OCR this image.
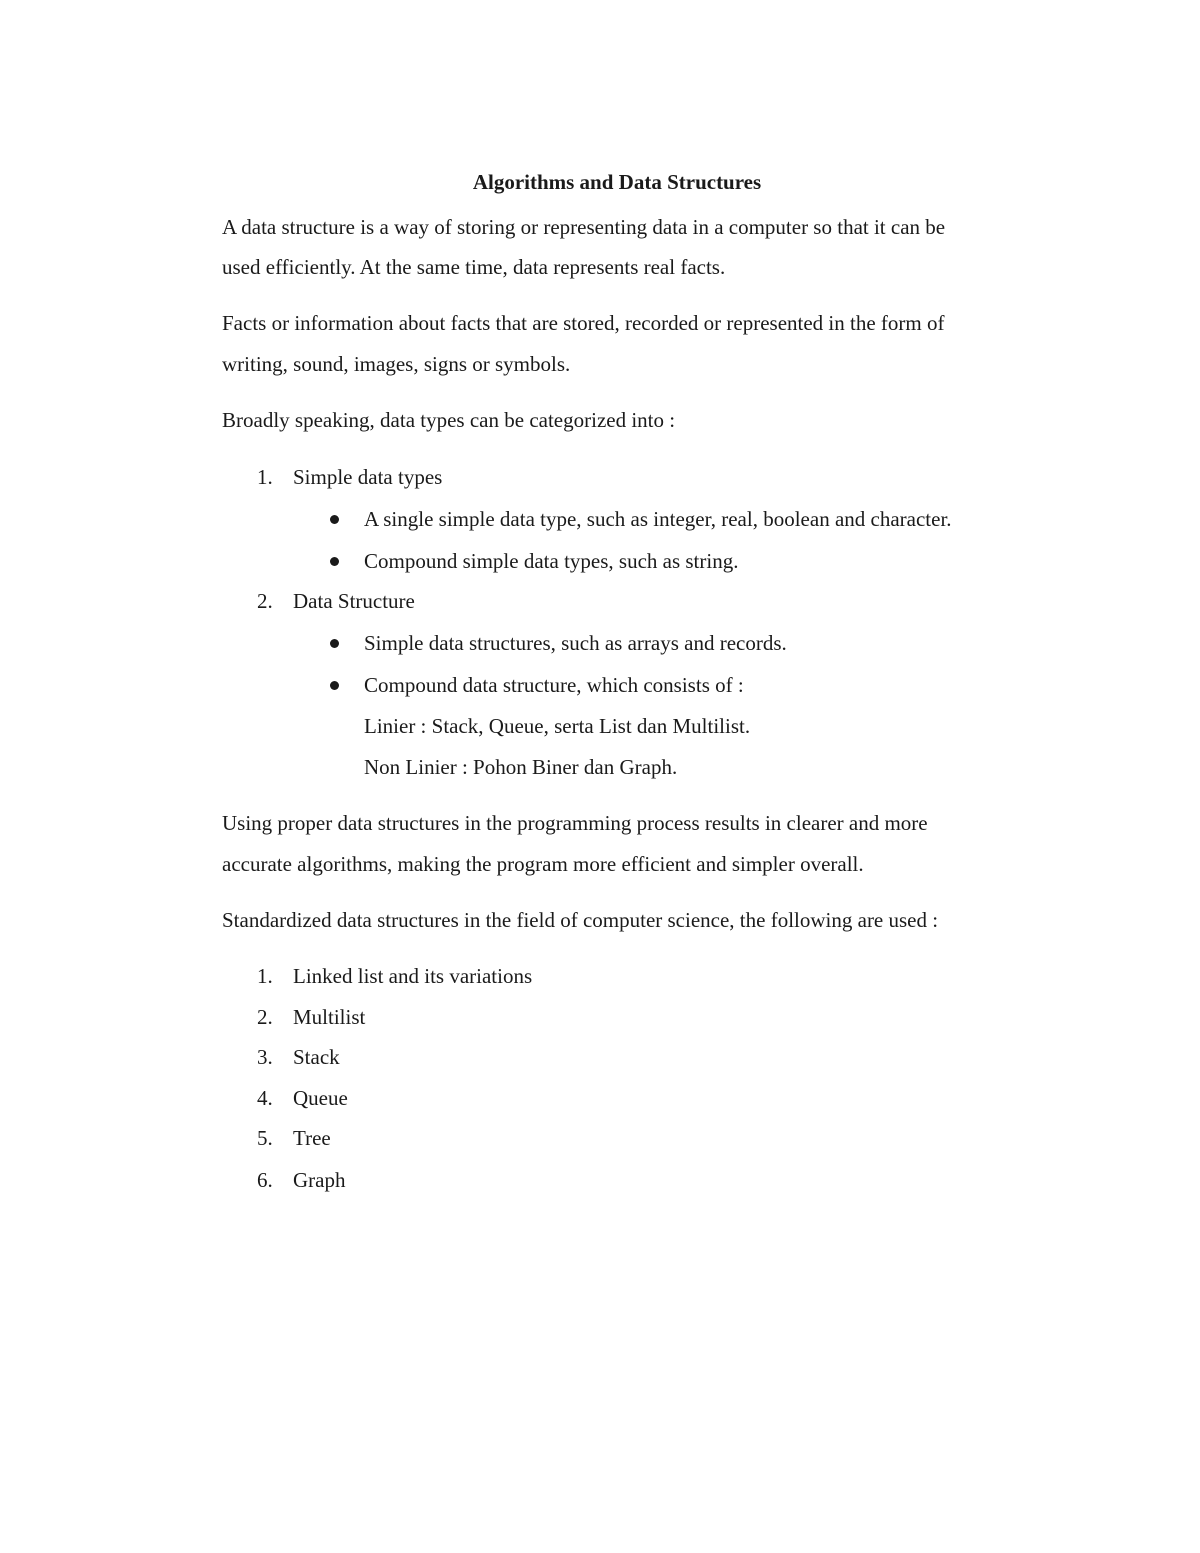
Algorithms and Data Structures

A data structure is a way of storing or representing data in a computer so that it can be

used efficiently. At the same time, data represents real facts.

Facts or information about facts that are stored, recorded or represented in the form of

writing, sound, images, signs or symbols.

Broadly speaking, data types can be categorized into :

1. Simple data types
A single simple data type, such as integer, real, boolean and character.
Compound simple data types, such as string.
2. Data Structure
Simple data structures, such as arrays and records.
Compound data structure, which consists of :
Linier : Stack, Queue, serta List dan Multilist.
Non Linier : Pohon Biner dan Graph.

Using proper data structures in the programming process results in clearer and more

accurate algorithms, making the program more efficient and simpler overall.

Standardized data structures in the field of computer science, the following are used :

1. Linked list and its variations
2. Multilist
3. Stack
4. Queue
5. Tree
6. Graph
